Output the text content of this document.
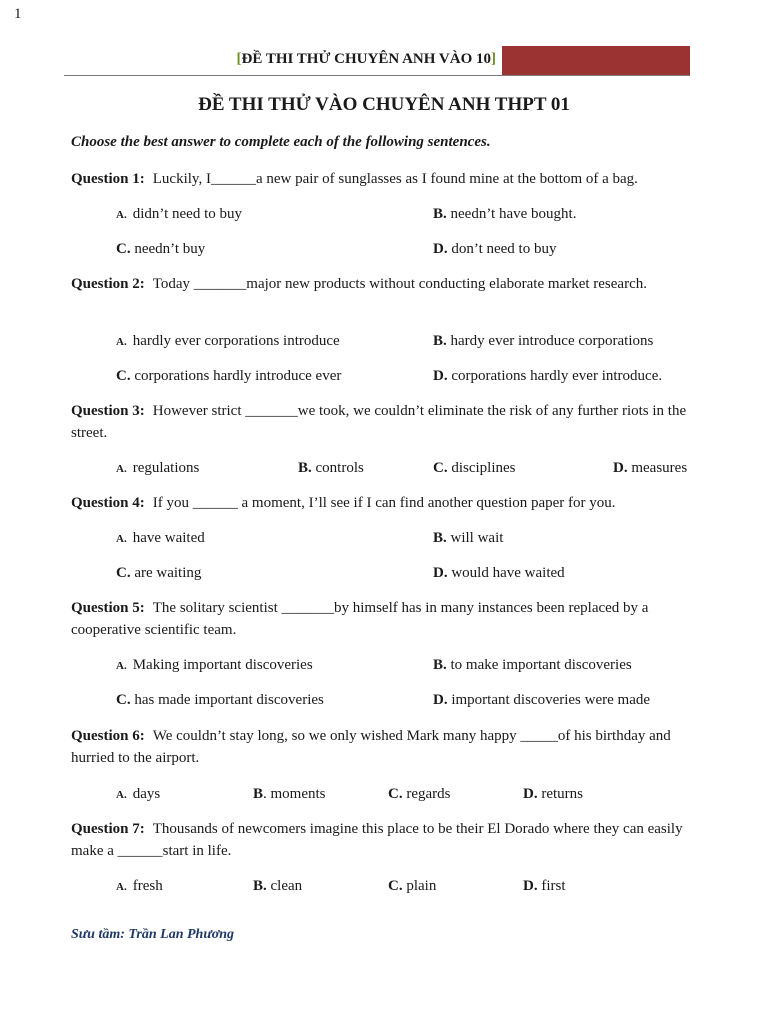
1
[ĐỀ THI THỬ CHUYÊN ANH VÀO 10]
ĐỀ THI THỬ VÀO CHUYÊN ANH THPT 01
Choose the best answer to complete each of the following sentences.
Question 1: Luckily, I______a new pair of sunglasses as I found mine at the bottom of a bag.
A. didn’t need to buy	B. needn’t have bought.
C. needn’t buy	D. don’t need to buy
Question 2: Today _______major new products without conducting elaborate market research.
A. hardly ever corporations introduce	B. hardy ever introduce corporations
C. corporations hardly introduce ever	D. corporations hardly ever introduce.
Question 3: However strict _______we took, we couldn’t eliminate the risk of any further riots in the street.
A. regulations	B. controls	C. disciplines	D. measures
Question 4: If you ______ a moment, I’ll see if I can find another question paper for you.
A. have waited	B. will wait
C. are waiting	D. would have waited
Question 5: The solitary scientist _______by himself has in many instances been replaced by a cooperative scientific team.
A. Making important discoveries	B. to make important discoveries
C. has made important discoveries	D. important discoveries were made
Question 6: We couldn’t stay long, so we only wished Mark many happy _____of his birthday and hurried to the airport.
A. days	B. moments	C. regards	D. returns
Question 7: Thousands of newcomers imagine this place to be their El Dorado where they can easily make a ______start in life.
A. fresh	B. clean	C. plain	D. first
Sưu tầm: Trần Lan Phương
